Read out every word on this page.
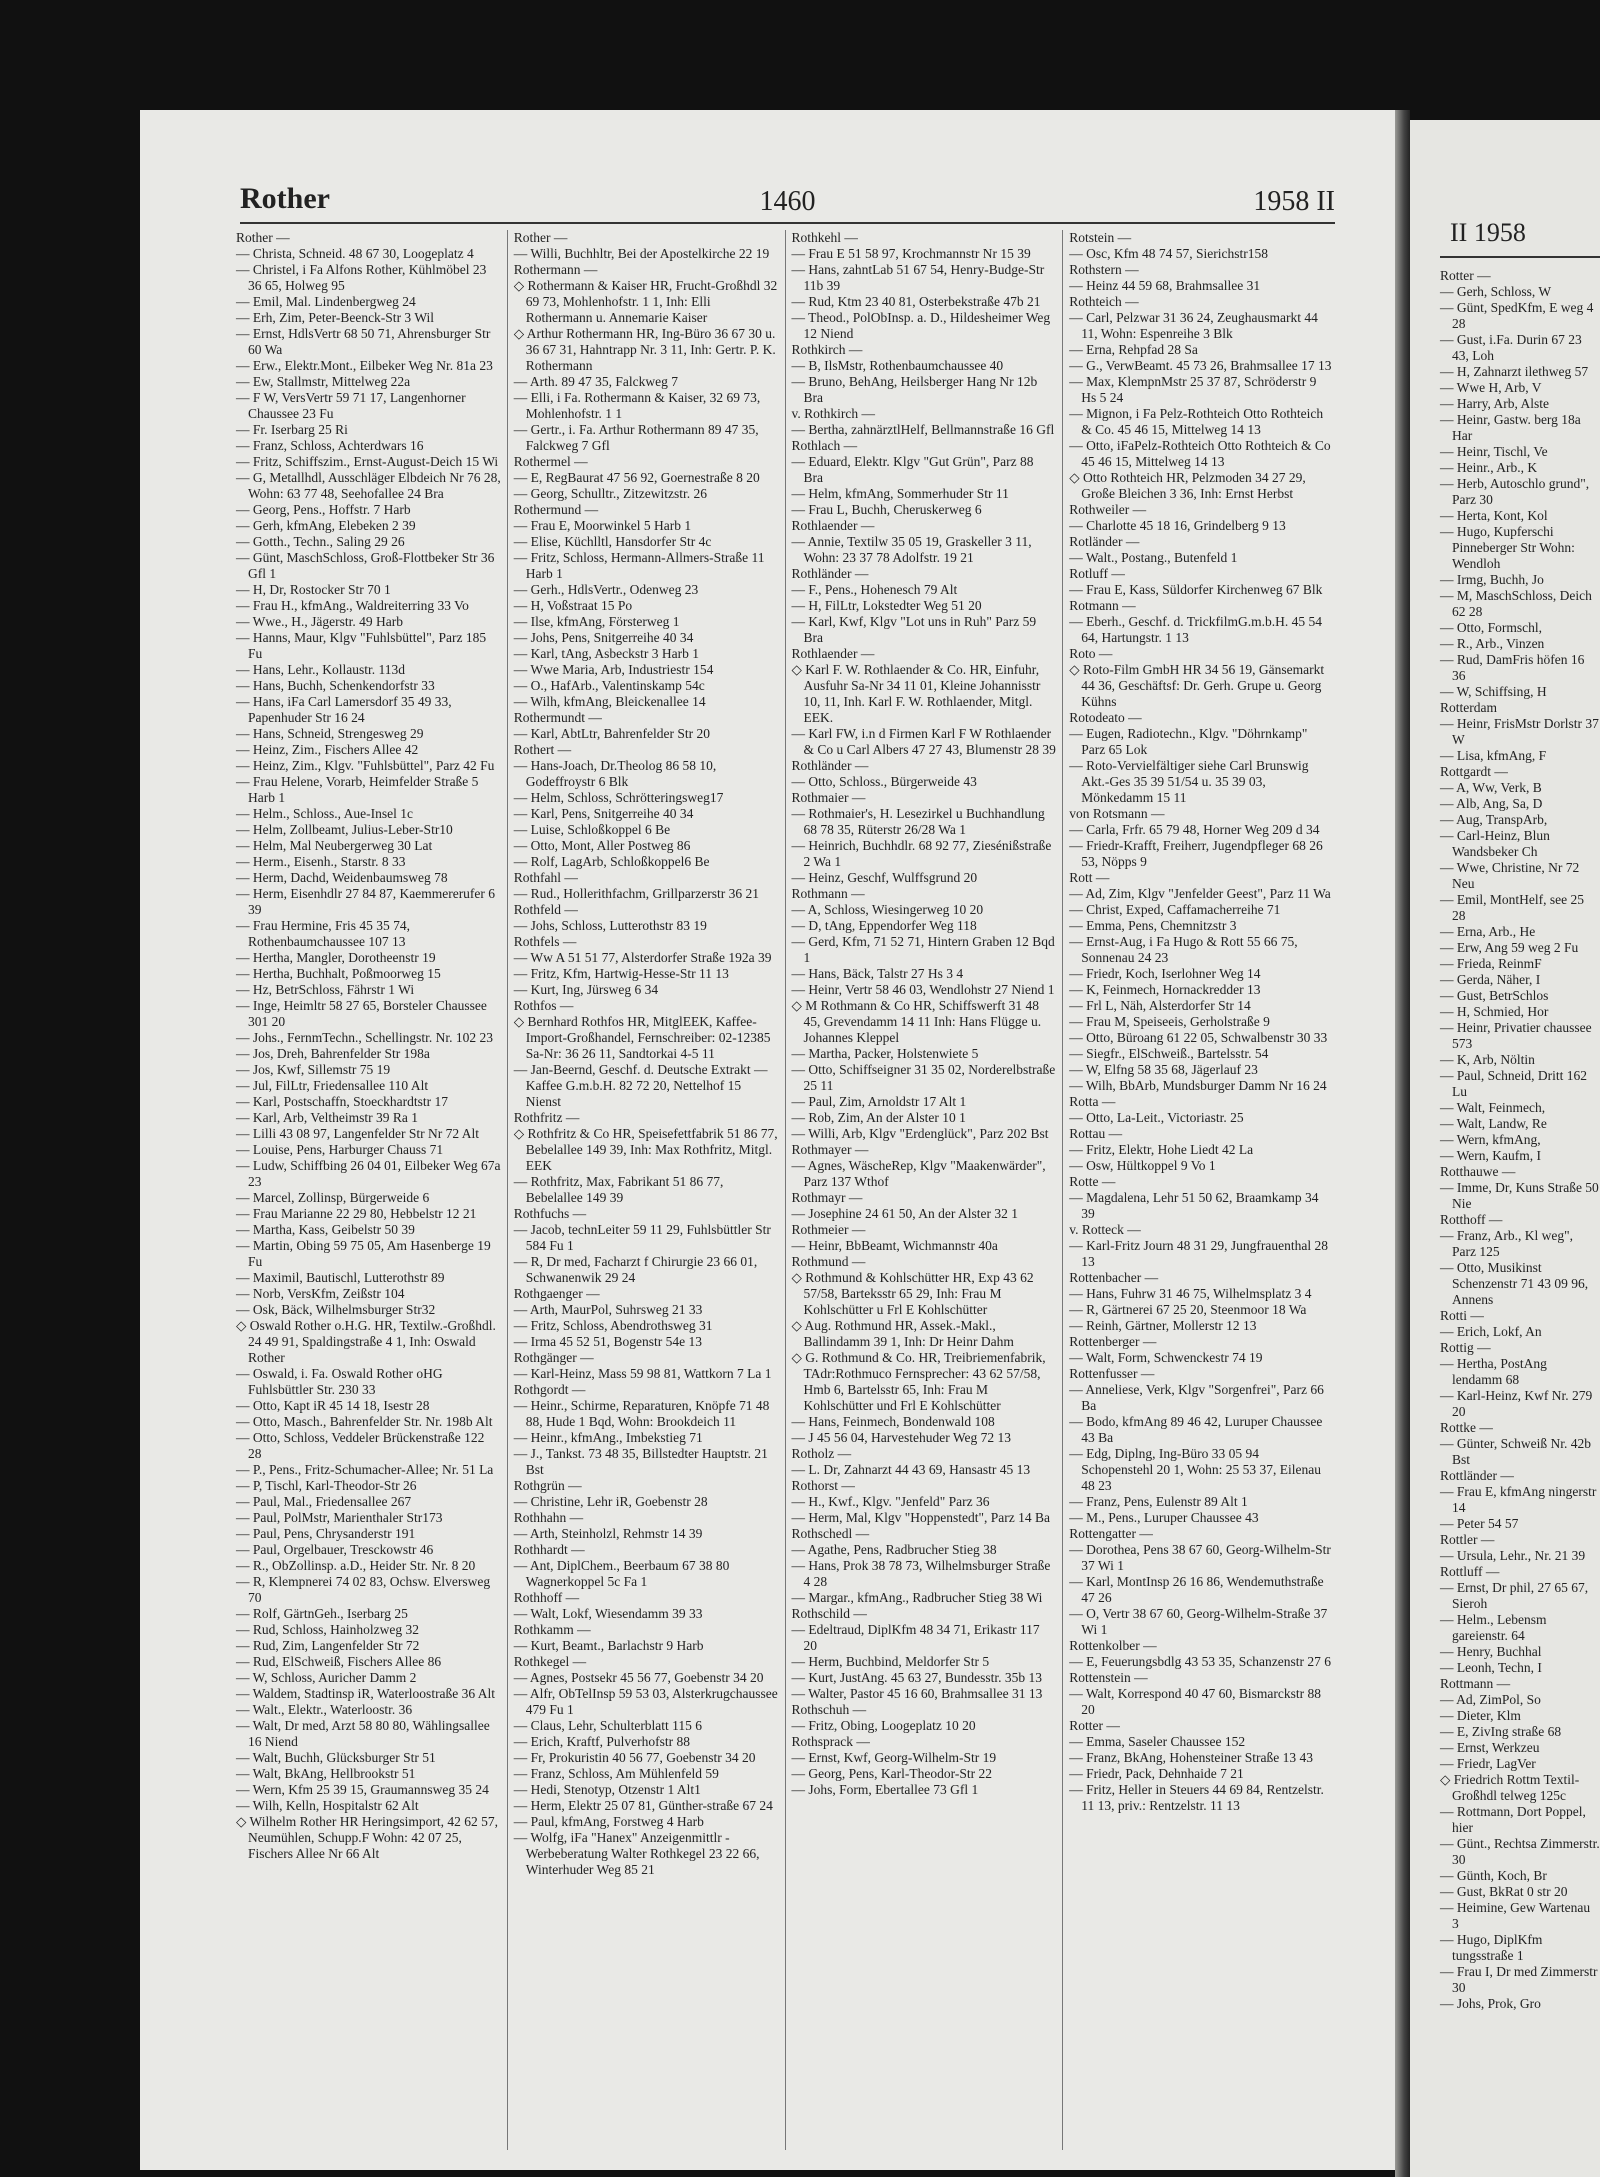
Rother	1460	1958 II
Rother —

— Christa, Schneid. 48 67 30, Loogeplatz 4

— Christel, i Fa Alfons Rother, Kühlmöbel 23 36 65, Holweg 95

— Emil, Mal. Lindenbergweg 24

— Erh, Zim, Peter-Beenck-Str 3 Wil

— Ernst, HdlsVertr 68 50 71, Ahrensburger Str 60 Wa

— Erw., Elektr.Mont., Eilbeker Weg Nr. 81a 23

— Ew, Stallmstr, Mittelweg 22a

— F W, VersVertr 59 71 17, Langenhorner Chaussee 23 Fu

— Fr. Iserbarg 25 Ri

— Franz, Schloss, Achterdwars 16

— Fritz, Schiffszim., Ernst-August-Deich 15 Wi

— G, Metallhdl, Ausschläger Elbdeich Nr 76 28, Wohn: 63 77 48, Seehofallee 24 Bra

— Georg, Pens., Hoffstr. 7 Harb

— Gerh, kfmAng, Elebeken 2 39

— Gotth., Techn., Saling 29 26

— Günt, MaschSchloss, Groß-Flottbeker Str 36 Gfl 1

— H, Dr, Rostocker Str 70 1

— Frau H., kfmAng., Waldreiterring 33 Vo

— Wwe., H., Jägerstr. 49 Harb

— Hanns, Maur, Klgv "Fuhlsbüttel", Parz 185 Fu

— Hans, Lehr., Kollaustr. 113d

— Hans, Buchh, Schenkendorfstr 33

— Hans, iFa Carl Lamersdorf 35 49 33, Papenhuder Str 16 24

— Hans, Schneid, Strengesweg 29

— Heinz, Zim., Fischers Allee 42

— Heinz, Zim., Klgv. "Fuhlsbüttel", Parz 42 Fu

— Frau Helene, Vorarb, Heimfelder Straße 5 Harb 1

— Helm., Schloss., Aue-Insel 1c

— Helm, Zollbeamt, Julius-Leber-Str10

— Helm, Mal Neubergerweg 30 Lat

— Herm., Eisenh., Starstr. 8 33

— Herm, Dachd, Weidenbaumsweg 78

— Herm, Eisenhdlr 27 84 87, Kaemmererufer 6 39

— Frau Hermine, Fris 45 35 74, Rothenbaumchaussee 107 13

— Hertha, Mangler, Dorotheenstr 19

— Hertha, Buchhalt, Poßmoorweg 15

— Hz, BetrSchloss, Fährstr 1 Wi

— Inge, Heimltr 58 27 65, Borsteler Chaussee 301 20

— Johs., FernmTechn., Schellingstr. Nr. 102 23

— Jos, Dreh, Bahrenfelder Str 198a

— Jos, Kwf, Sillemstr 75 19

— Jul, FilLtr, Friedensallee 110 Alt

— Karl, Postschaffn, Stoeckhardtstr 17

— Karl, Arb, Veltheimstr 39 Ra 1

— Lilli 43 08 97, Langenfelder Str Nr 72 Alt

— Louise, Pens, Harburger Chauss 71

— Ludw, Schiffbing 26 04 01, Eilbeker Weg 67a 23

— Marcel, Zollinsp, Bürgerweide 6

— Frau Marianne 22 29 80, Hebbelstr 12 21

— Martha, Kass, Geibelstr 50 39

— Martin, Obing 59 75 05, Am Hasenberge 19 Fu

— Maximil, Bautischl, Lutterothstr 89

— Norb, VersKfm, Zeißstr 104

— Osk, Bäck, Wilhelmsburger Str32

◇ Oswald Rother o.H.G. HR, Textilw.-Großhdl. 24 49 91, Spaldingstraße 4 1, Inh: Oswald Rother

— Oswald, i. Fa. Oswald Rother oHG Fuhlsbüttler Str. 230 33

— Otto, Kapt iR 45 14 18, Isestr 28

— Otto, Masch., Bahrenfelder Str. Nr. 198b Alt

— Otto, Schloss, Veddeler Brückenstraße 122 28

— P., Pens., Fritz-Schumacher-Allee; Nr. 51 La

— P, Tischl, Karl-Theodor-Str 26

— Paul, Mal., Friedensallee 267

— Paul, PolMstr, Marienthaler Str173

— Paul, Pens, Chrysanderstr 191

— Paul, Orgelbauer, Tresckowstr 46

— R., ObZollinsp. a.D., Heider Str. Nr. 8 20

— R, Klempnerei 74 02 83, Ochsw. Elversweg 70

— Rolf, GärtnGeh., Iserbarg 25

— Rud, Schloss, Hainholzweg 32

— Rud, Zim, Langenfelder Str 72

— Rud, ElSchweiß, Fischers Allee 86

— W, Schloss, Auricher Damm 2

— Waldem, Stadtinsp iR, Waterloostraße 36 Alt

— Walt., Elektr., Waterloostr. 36

— Walt, Dr med, Arzt 58 80 80, Wählingsallee 16 Niend

— Walt, Buchh, Glücksburger Str 51

— Walt, BkAng, Hellbrookstr 51

— Wern, Kfm 25 39 15, Graumannsweg 35 24

— Wilh, Kelln, Hospitalstr 62 Alt

◇ Wilhelm Rother HR Heringsimport, 42 62 57, Neumühlen, Schupp.F Wohn: 42 07 25, Fischers Allee Nr 66 Alt

Rother —

— Willi, Buchhltr, Bei der Apostelkirche 22 19

Rothermann —

◇ Rothermann & Kaiser HR, Frucht-Großhdl 32 69 73, Mohlenhofstr. 1 1, Inh: Elli Rothermann u. Annemarie Kaiser

◇ Arthur Rothermann HR, Ing-Büro 36 67 30 u. 36 67 31, Hahntrapp Nr. 3 11, Inh: Gertr. P. K. Rothermann

— Arth. 89 47 35, Falckweg 7

— Elli, i Fa. Rothermann & Kaiser, 32 69 73, Mohlenhofstr. 1 1

— Gertr., i. Fa. Arthur Rothermann 89 47 35, Falckweg 7 Gfl

Rothermel —

— E, RegBaurat 47 56 92, Goernestraße 8 20

— Georg, Schulltr., Zitzewitzstr. 26

Rothermund —

— Frau E, Moorwinkel 5 Harb 1

— Elise, Küchlltl, Hansdorfer Str 4c

— Fritz, Schloss, Hermann-Allmers-Straße 11 Harb 1

— Gerh., HdlsVertr., Odenweg 23

— H, Voßstraat 15 Po

— Ilse, kfmAng, Försterweg 1

— Johs, Pens, Snitgerreihe 40 34

— Karl, tAng, Asbeckstr 3 Harb 1

— Wwe Maria, Arb, Industriestr 154

— O., HafArb., Valentinskamp 54c

— Wilh, kfmAng, Bleickenallee 14

Rothermundt —

— Karl, AbtLtr, Bahrenfelder Str 20

Rothert —

— Hans-Joach, Dr.Theolog 86 58 10, Godeffroystr 6 Blk

— Helm, Schloss, Schrötteringsweg17

— Karl, Pens, Snitgerreihe 40 34

— Luise, Schloßkoppel 6 Be

— Otto, Mont, Aller Postweg 86

— Rolf, LagArb, Schloßkoppel6 Be

Rothfahl —

— Rud., Hollerithfachm, Grillparzerstr 36 21

Rothfeld —

— Johs, Schloss, Lutterothstr 83 19

Rothfels —

— Ww A 51 51 77, Alsterdorfer Straße 192a 39

— Fritz, Kfm, Hartwig-Hesse-Str 11 13

— Kurt, Ing, Jürsweg 6 34

Rothfos —

◇ Bernhard Rothfos HR, MitglEEK, Kaffee-Import-Großhandel, Fernschreiber: 02-12385 Sa-Nr: 36 26 11, Sandtorkai 4-5 11

— Jan-Beernd, Geschf. d. Deutsche Extrakt — Kaffee G.m.b.H. 82 72 20, Nettelhof 15 Nienst

Rothfritz —

◇ Rothfritz & Co HR, Speisefettfabrik 51 86 77, Bebelallee 149 39, Inh: Max Rothfritz, Mitgl. EEK

— Rothfritz, Max, Fabrikant 51 86 77, Bebelallee 149 39

Rothfuchs —

— Jacob, technLeiter 59 11 29, Fuhlsbüttler Str 584 Fu 1

— R, Dr med, Facharzt f Chirurgie 23 66 01, Schwanenwik 29 24

Rothgaenger —

— Arth, MaurPol, Suhrsweg 21 33

— Fritz, Schloss, Abendrothsweg 31

— Irma 45 52 51, Bogenstr 54e 13

Rothgänger —

— Karl-Heinz, Mass 59 98 81, Wattkorn 7 La 1

Rothgordt —

— Heinr., Schirme, Reparaturen, Knöpfe 71 48 88, Hude 1 Bqd, Wohn: Brookdeich 11

— Heinr., kfmAng., Imbekstieg 71

— J., Tankst. 73 48 35, Billstedter Hauptstr. 21 Bst

Rothgrün —

— Christine, Lehr iR, Goebenstr 28

Rothhahn —

— Arth, Steinholzl, Rehmstr 14 39

Rothhardt —

— Ant, DiplChem., Beerbaum 67 38 80 Wagnerkoppel 5c Fa 1

Rothhoff —

— Walt, Lokf, Wiesendamm 39 33

Rothkamm —

— Kurt, Beamt., Barlachstr 9 Harb

Rothkegel —

— Agnes, Postsekr 45 56 77, Goebenstr 34 20

— Alfr, ObTelInsp 59 53 03, Alsterkrugchaussee 479 Fu 1

— Claus, Lehr, Schulterblatt 115 6

— Erich, Kraftf, Pulverhofstr 88

— Fr, Prokuristin 40 56 77, Goebenstr 34 20

— Franz, Schloss, Am Mühlenfeld 59

— Hedi, Stenotyp, Otzenstr 1 Alt1

— Herm, Elektr 25 07 81, Günther-straße 67 24

— Paul, kfmAng, Forstweg 4 Harb

— Wolfg, iFa "Hanex" Anzeigenmittlr - Werbeberatung Walter Rothkegel 23 22 66, Winterhuder Weg 85 21

Rothkehl —

— Frau E 51 58 97, Krochmannstr Nr 15 39

— Hans, zahntLab 51 67 54, Henry-Budge-Str 11b 39

— Rud, Ktm 23 40 81, Osterbekstraße 47b 21

— Theod., PolObInsp. a. D., Hildesheimer Weg 12 Niend

Rothkirch —

— B, IlsMstr, Rothenbaumchaussee 40

— Bruno, BehAng, Heilsberger Hang Nr 12b Bra

v. Rothkirch —

— Bertha, zahnärztlHelf, Bellmannstraße 16 Gfl

Rothlach —

— Eduard, Elektr. Klgv "Gut Grün", Parz 88 Bra

— Helm, kfmAng, Sommerhuder Str 11

— Frau L, Buchh, Cheruskerweg 6

Rothlaender —

— Annie, Textilw 35 05 19, Graskeller 3 11, Wohn: 23 37 78 Adolfstr. 19 21

Rothländer —

— F., Pens., Hohenesch 79 Alt

— H, FilLtr, Lokstedter Weg 51 20

— Karl, Kwf, Klgv "Lot uns in Ruh" Parz 59 Bra

Rothlaender —

◇ Karl F. W. Rothlaender & Co. HR, Einfuhr, Ausfuhr Sa-Nr 34 11 01, Kleine Johannisstr 10, 11, Inh. Karl F. W. Rothlaender, Mitgl. EEK.

— Karl FW, i.n d Firmen Karl F W Rothlaender & Co u Carl Albers 47 27 43, Blumenstr 28 39

Rothländer —

— Otto, Schloss., Bürgerweide 43

Rothmaier —

— Rothmaier's, H. Lesezirkel u Buchhandlung 68 78 35, Rüterstr 26/28 Wa 1

— Heinrich, Buchhdlr. 68 92 77, Ziesénißstraße 2 Wa 1

— Heinz, Geschf, Wulffsgrund 20

Rothmann —

— A, Schloss, Wiesingerweg 10 20

— D, tAng, Eppendorfer Weg 118

— Gerd, Kfm, 71 52 71, Hintern Graben 12 Bqd 1

— Hans, Bäck, Talstr 27 Hs 3 4

— Heinr, Vertr 58 46 03, Wendlohstr 27 Niend 1

◇ M Rothmann & Co HR, Schiffswerft 31 48 45, Grevendamm 14 11 Inh: Hans Flügge u. Johannes Kleppel

— Martha, Packer, Holstenwiete 5

— Otto, Schiffseigner 31 35 02, Norderelbstraße 25 11

— Paul, Zim, Arnoldstr 17 Alt 1

— Rob, Zim, An der Alster 10 1

— Willi, Arb, Klgv "Erdenglück", Parz 202 Bst

Rothmayer —

— Agnes, WäscheRep, Klgv "Maakenwärder", Parz 137 Wthof

Rothmayr —

— Josephine 24 61 50, An der Alster 32 1

Rothmeier —

— Heinr, BbBeamt, Wichmannstr 40a

Rothmund —

◇ Rothmund & Kohlschütter HR, Exp 43 62 57/58, Barteksstr 65 29, Inh: Frau M Kohlschütter u Frl E Kohlschütter

◇ Aug. Rothmund HR, Assek.-Makl., Ballindamm 39 1, Inh: Dr Heinr Dahm

◇ G. Rothmund & Co. HR, Treibriemenfabrik, TAdr:Rothmuco Fernsprecher: 43 62 57/58, Hmb 6, Bartelsstr 65, Inh: Frau M Kohlschütter und Frl E Kohlschütter

— Hans, Feinmech, Bondenwald 108

— J 45 56 04, Harvestehuder Weg 72 13

Rotholz —

— L. Dr, Zahnarzt 44 43 69, Hansastr 45 13

Rothorst —

— H., Kwf., Klgv. "Jenfeld" Parz 36

— Herm, Mal, Klgv "Hoppenstedt", Parz 14 Ba

Rothschedl —

— Agathe, Pens, Radbrucher Stieg 38

— Hans, Prok 38 78 73, Wilhelmsburger Straße 4 28

— Margar., kfmAng., Radbrucher Stieg 38 Wi

Rothschild —

— Edeltraud, DiplKfm 48 34 71, Erikastr 117 20

— Herm, Buchbind, Meldorfer Str 5

— Kurt, JustAng. 45 63 27, Bundesstr. 35b 13

— Walter, Pastor 45 16 60, Brahmsallee 31 13

Rothschuh —

— Fritz, Obing, Loogeplatz 10 20

Rothsprack —

— Ernst, Kwf, Georg-Wilhelm-Str 19

— Georg, Pens, Karl-Theodor-Str 22

— Johs, Form, Ebertallee 73 Gfl 1

Rotstein —

— Osc, Kfm 48 74 57, Sierichstr158

Rothstern —

— Heinz 44 59 68, Brahmsallee 31

Rothteich —

— Carl, Pelzwar 31 36 24, Zeughausmarkt 44 11, Wohn: Espenreihe 3 Blk

— Erna, Rehpfad 28 Sa

— G., VerwBeamt. 45 73 26, Brahmsallee 17 13

— Max, KlempnMstr 25 37 87, Schröderstr 9 Hs 5 24

— Mignon, i Fa Pelz-Rothteich Otto Rothteich & Co. 45 46 15, Mittelweg 14 13

— Otto, iFaPelz-Rothteich Otto Rothteich & Co 45 46 15, Mittelweg 14 13

◇ Otto Rothteich HR, Pelzmoden 34 27 29, Große Bleichen 3 36, Inh: Ernst Herbst

Rothweiler —

— Charlotte 45 18 16, Grindelberg 9 13

Rotländer —

— Walt., Postang., Butenfeld 1

Rotluff —

— Frau E, Kass, Süldorfer Kirchenweg 67 Blk

Rotmann —

— Eberh., Geschf. d. TrickfilmG.m.b.H. 45 54 64, Hartungstr. 1 13

Roto —

◇ Roto-Film GmbH HR 34 56 19, Gänsemarkt 44 36, Geschäftsf: Dr. Gerh. Grupe u. Georg Kühns

Rotodeato —

— Eugen, Radiotechn., Klgv. "Döhrnkamp" Parz 65 Lok

— Roto-Vervielfältiger siehe Carl Brunswig Akt.-Ges 35 39 51/54 u. 35 39 03, Mönkedamm 15 11

von Rotsmann —

— Carla, Frfr. 65 79 48, Horner Weg 209 d 34

— Friedr-Krafft, Freiherr, Jugendpfleger 68 26 53, Nöpps 9

Rott —

— Ad, Zim, Klgv "Jenfelder Geest", Parz 11 Wa

— Christ, Exped, Caffamacherreihe 71

— Emma, Pens, Chemnitzstr 3

— Ernst-Aug, i Fa Hugo & Rott 55 66 75, Sonnenau 24 23

— Friedr, Koch, Iserlohner Weg 14

— K, Feinmech, Hornackredder 13

— Frl L, Näh, Alsterdorfer Str 14

— Frau M, Speiseeis, Gerholstraße 9

— Otto, Bürоang 61 22 05, Schwalbenstr 30 33

— Siegfr., ElSchweiß., Bartelsstr. 54

— W, Elfng 58 35 68, Jägerlauf 23

— Wilh, BbArb, Mundsburger Damm Nr 16 24

Rotta —

— Otto, La-Leit., Victoriastr. 25

Rottau —

— Fritz, Elektr, Hohe Liedt 42 La

— Osw, Hültkoppel 9 Vo 1

Rotte —

— Magdalena, Lehr 51 50 62, Braamkamp 34 39

v. Rotteck —

— Karl-Fritz Journ 48 31 29, Jungfrauenthal 28 13

Rottenbacher —

— Hans, Fuhrw 31 46 75, Wilhelmsplatz 3 4

— R, Gärtnerei 67 25 20, Steenmoor 18 Wa

— Reinh, Gärtner, Mollerstr 12 13

Rottenberger —

— Walt, Form, Schwenckestr 74 19

Rottenfusser —

— Anneliese, Verk, Klgv "Sorgenfrei", Parz 66 Ba

— Bodo, kfmAng 89 46 42, Luruper Chaussee 43 Ba

— Edg, Diplng, Ing-Büro 33 05 94 Schopenstehl 20 1, Wohn: 25 53 37, Eilenau 48 23

— Franz, Pens, Eulenstr 89 Alt 1

— M., Pens., Luruper Chaussee 43

Rottengatter —

— Dorothea, Pens 38 67 60, Georg-Wilhelm-Str 37 Wi 1

— Karl, MontInsp 26 16 86, Wendemuthstraße 47 26

— O, Vertr 38 67 60, Georg-Wilhelm-Straße 37 Wi 1

Rottenkolber —

— E, Feuerungsbdlg 43 53 35, Schanzenstr 27 6

Rottenstein —

— Walt, Korrespond 40 47 60, Bismarckstr 88 20

Rotter —

— Emma, Saseler Chaussee 152

— Franz, BkAng, Hohensteiner Straße 13 43

— Friedr, Pack, Dehnhaide 7 21

— Fritz, Heller in Steuers 44 69 84, Rentzelstr. 11 13, priv.: Rentzelstr. 11 13

II 1958

Rotter —

— Gerh, Schloss, W

— Günt, SpedKfm, E weg 4 28

— Gust, i.Fa. Durin 67 23 43, Loh

— H, Zahnarzt ilethweg 57

— Wwe H, Arb, V

— Harry, Arb, Alste

— Heinr, Gastw. berg 18a Har

— Heinr, Tischl, Ve

— Heinr., Arb., K

— Herb, Autoschlo grund", Parz 30

— Herta, Kont, Kol

— Hugo, Kupferschi Pinneberger Str Wohn: Wendloh

— Irmg, Buchh, Jo

— M, MaschSchloss, Deich 62 28

— Otto, Formschl,

— R., Arb., Vinzen

— Rud, DamFris höfen 16 36

— W, Schiffsing, H

Rotterdam

— Heinr, FrisMstr Dorlstr 37 W

— Lisa, kfmAng, F

Rottgardt —

— A, Ww, Verk, B

— Alb, Ang, Sa, D

— Aug, TranspArb,

— Carl-Heinz, Blun Wandsbeker Ch

— Wwe, Christine, Nr 72 Neu

— Emil, MontHelf, see 25 28

— Erna, Arb., He

— Erw, Ang 59 weg 2 Fu

— Frieda, ReinmF

— Gerda, Näher, I

— Gust, BetrSchlos

— H, Schmied, Hor

— Heinr, Privatier chaussee 573

— K, Arb, Nöltin

— Paul, Schneid, Dritt 162 Lu

— Walt, Feinmech,

— Walt, Landw, Re

— Wern, kfmAng,

— Wern, Kaufm, I

Rotthauwe —

— Imme, Dr, Kuns Straße 50 Nie

Rotthoff —

— Franz, Arb., Kl weg", Parz 125

— Otto, Musikinst Schenzenstr 71 43 09 96, Annens

Rotti —

— Erich, Lokf, An

Rottig —

— Hertha, PostAng lendamm 68

— Karl-Heinz, Kwf Nr. 279 20

Rottke —

— Günter, Schweiß Nr. 42b Bst

Rottländer —

— Frau E, kfmAng ningerstr 14

— Peter 54 57

Rottler —

— Ursula, Lehr., Nr. 21 39

Rottluff —

— Ernst, Dr phil, 27 65 67, Sieroh

— Helm., Lebensm gareienstr. 64

— Henry, Buchhal

— Leonh, Techn, I

Rottmann —

— Ad, ZimPol, So

— Dieter, Klm

— E, ZivIng straße 68

— Ernst, Werkzeu

— Friedr, LagVer

◇ Friedrich Rottm Textil-Großhdl telweg 125c

— Rottmann, Dort Poppel, hier

— Günt., Rechtsa Zimmerstr. 30

— Günth, Koch, Br

— Gust, BkRat 0 str 20

— Heimine, Gew Wartenau 3

— Hugo, DiplKfm tungsstraße 1

— Frau I, Dr med Zimmerstr 30

— Johs, Prok, Gro
